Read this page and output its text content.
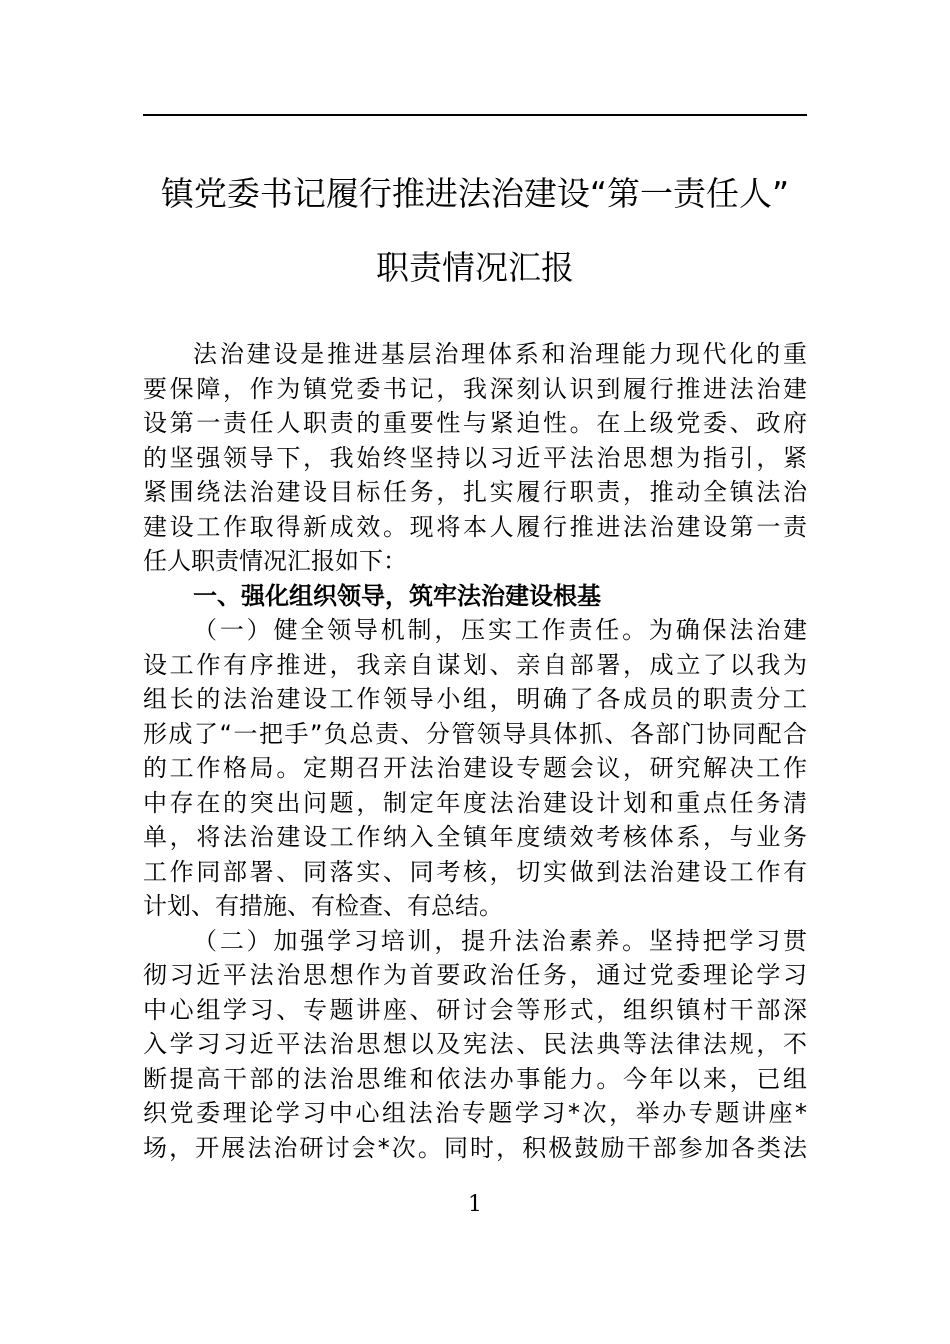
镇党委书记履行推进法治建设“第一责任人”
职责情况汇报
法治建设是推进基层治理体系和治理能力现代化的重
要保障，作为镇党委书记，我深刻认识到履行推进法治建
设第一责任人职责的重要性与紧迫性。在上级党委、政府
的坚强领导下，我始终坚持以习近平法治思想为指引，紧
紧围绕法治建设目标任务，扎实履行职责，推动全镇法治
建设工作取得新成效。现将本人履行推进法治建设第一责
任人职责情况汇报如下：
一、强化组织领导，筑牢法治建设根基
（一）健全领导机制，压实工作责任。为确保法治建
设工作有序推进，我亲自谋划、亲自部署，成立了以我为
组长的法治建设工作领导小组，明确了各成员的职责分工
形成了“一把手”负总责、分管领导具体抓、各部门协同配合
的工作格局。定期召开法治建设专题会议，研究解决工作
中存在的突出问题，制定年度法治建设计划和重点任务清
单，将法治建设工作纳入全镇年度绩效考核体系，与业务
工作同部署、同落实、同考核，切实做到法治建设工作有
计划、有措施、有检查、有总结。
（二）加强学习培训，提升法治素养。坚持把学习贯
彻习近平法治思想作为首要政治任务，通过党委理论学习
中心组学习、专题讲座、研讨会等形式，组织镇村干部深
入学习习近平法治思想以及宪法、民法典等法律法规，不
断提高干部的法治思维和依法办事能力。今年以来，已组
织党委理论学习中心组法治专题学习*次，举办专题讲座*
场，开展法治研讨会*次。同时，积极鼓励干部参加各类法
1
